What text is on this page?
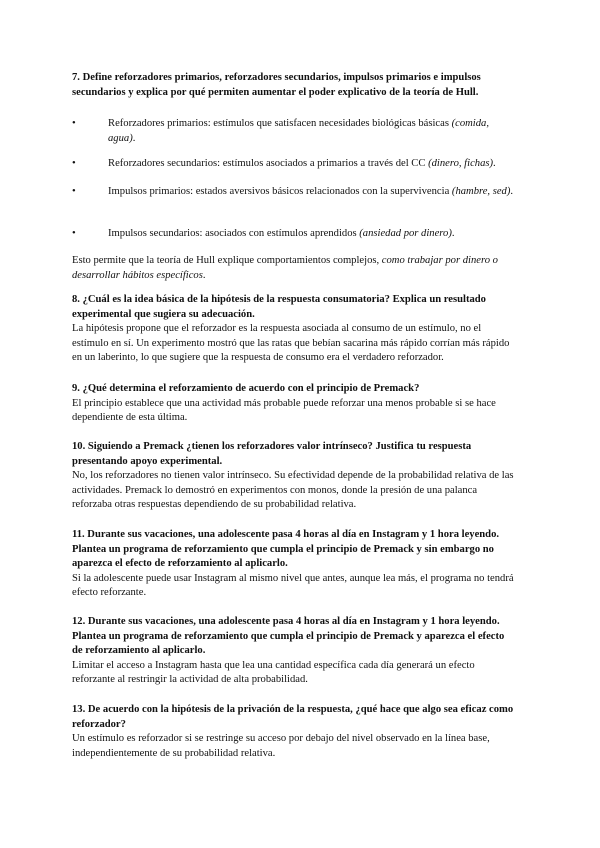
7. Define reforzadores primarios, reforzadores secundarios, impulsos primarios e impulsos secundarios y explica por qué permiten aumentar el poder explicativo de la teoría de Hull.

•	Reforzadores primarios: estímulos que satisfacen necesidades biológicas básicas (comida, agua).
•	Reforzadores secundarios: estímulos asociados a primarios a través del CC (dinero, fichas).
•	Impulsos primarios: estados aversivos básicos relacionados con la supervivencia (hambre, sed).
•	Impulsos secundarios: asociados con estímulos aprendidos (ansiedad por dinero).

Esto permite que la teoría de Hull explique comportamientos complejos, como trabajar por dinero o desarrollar hábitos específicos.

8. ¿Cuál es la idea básica de la hipótesis de la respuesta consumatoria? Explica un resultado experimental que sugiera su adecuación.

La hipótesis propone que el reforzador es la respuesta asociada al consumo de un estímulo, no el estímulo en sí. Un experimento mostró que las ratas que bebían sacarina más rápido corrían más rápido en un laberinto, lo que sugiere que la respuesta de consumo era el verdadero reforzador.

9. ¿Qué determina el reforzamiento de acuerdo con el principio de Premack?

El principio establece que una actividad más probable puede reforzar una menos probable si se hace dependiente de esta última.

10. Siguiendo a Premack ¿tienen los reforzadores valor intrínseco? Justifica tu respuesta presentando apoyo experimental.

No, los reforzadores no tienen valor intrínseco. Su efectividad depende de la probabilidad relativa de las actividades. Premack lo demostró en experimentos con monos, donde la presión de una palanca reforzaba otras respuestas dependiendo de su probabilidad relativa.

11. Durante sus vacaciones, una adolescente pasa 4 horas al día en Instagram y 1 hora leyendo. Plantea un programa de reforzamiento que cumpla el principio de Premack y sin embargo no aparezca el efecto de reforzamiento al aplicarlo.

Si la adolescente puede usar Instagram al mismo nivel que antes, aunque lea más, el programa no tendrá efecto reforzante.

12. Durante sus vacaciones, una adolescente pasa 4 horas al día en Instagram y 1 hora leyendo. Plantea un programa de reforzamiento que cumpla el principio de Premack y aparezca el efecto de reforzamiento al aplicarlo.

Limitar el acceso a Instagram hasta que lea una cantidad específica cada día generará un efecto reforzante al restringir la actividad de alta probabilidad.

13. De acuerdo con la hipótesis de la privación de la respuesta, ¿qué hace que algo sea eficaz como reforzador?

Un estímulo es reforzador si se restringe su acceso por debajo del nivel observado en la línea base, independientemente de su probabilidad relativa.
